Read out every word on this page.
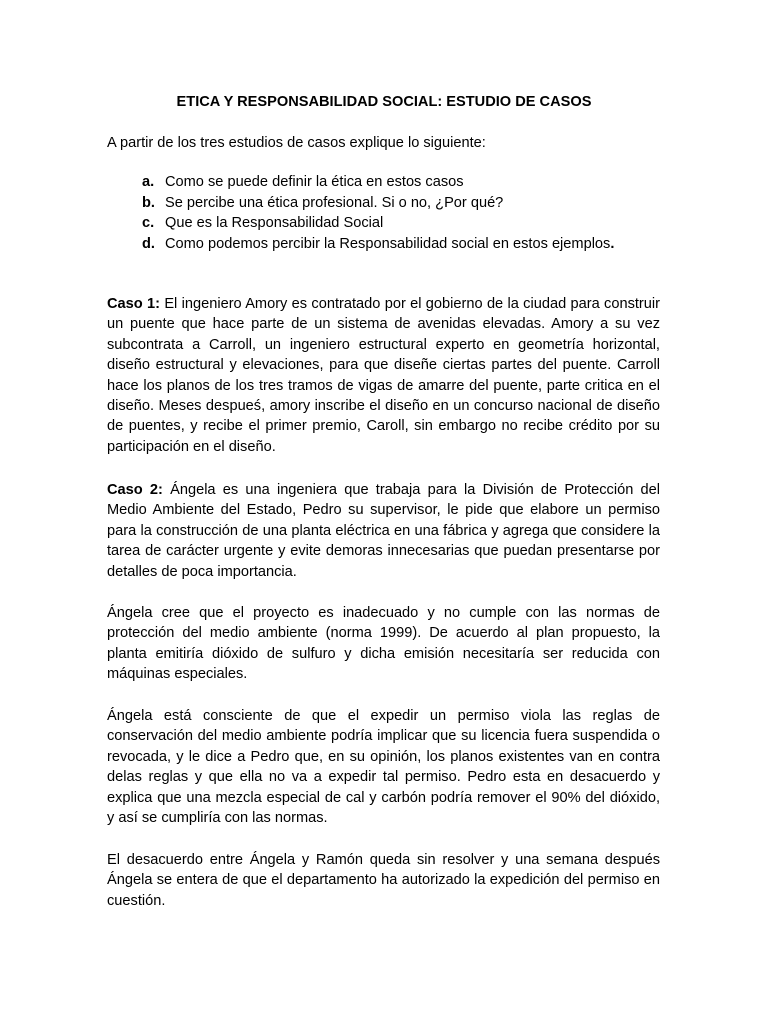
ETICA Y RESPONSABILIDAD SOCIAL: ESTUDIO DE CASOS
A partir de los tres estudios de casos explique lo siguiente:
a. Como se puede definir la ética en estos casos
b. Se percibe una ética profesional. Si o no, ¿Por qué?
c. Que es la Responsabilidad Social
d. Como podemos percibir la Responsabilidad social en estos ejemplos.

Caso 1: El ingeniero Amory es contratado por el gobierno de la ciudad para construir un puente que hace parte de un sistema de avenidas elevadas. Amory a su vez subcontrata a Carroll, un ingeniero estructural experto en geometría horizontal, diseño estructural y elevaciones, para que diseñe ciertas partes del puente. Carroll hace los planos de los tres tramos de vigas de amarre del puente, parte critica en el diseño. Meses despueś, amory inscribe el diseño en un concurso nacional de diseño de puentes, y recibe el primer premio, Caroll, sin embargo no recibe crédito por su participación en el diseño.

Caso 2: Ángela es una ingeniera que trabaja para la División de Protección del Medio Ambiente del Estado, Pedro su supervisor, le pide que elabore un permiso para la construcción de una planta eléctrica en una fábrica y agrega que considere la tarea de carácter urgente y evite demoras innecesarias que puedan presentarse por detalles de poca importancia.

Ángela cree que el proyecto es inadecuado y no cumple con las normas de protección del medio ambiente (norma 1999). De acuerdo al plan propuesto, la planta emitiría dióxido de sulfuro y dicha emisión necesitaría ser reducida con máquinas especiales.

Ángela está consciente de que el expedir un permiso viola las reglas de conservación del medio ambiente podría implicar que su licencia fuera suspendida o revocada, y le dice a Pedro que, en su opinión, los planos existentes van en contra delas reglas y que ella no va a expedir tal permiso. Pedro esta en desacuerdo y explica que una mezcla especial de cal y carbón podría remover el 90% del dióxido, y así se cumpliría con las normas.

El desacuerdo entre Ángela y Ramón queda sin resolver y una semana después Ángela se entera de que el departamento ha autorizado la expedición del permiso en cuestión.
